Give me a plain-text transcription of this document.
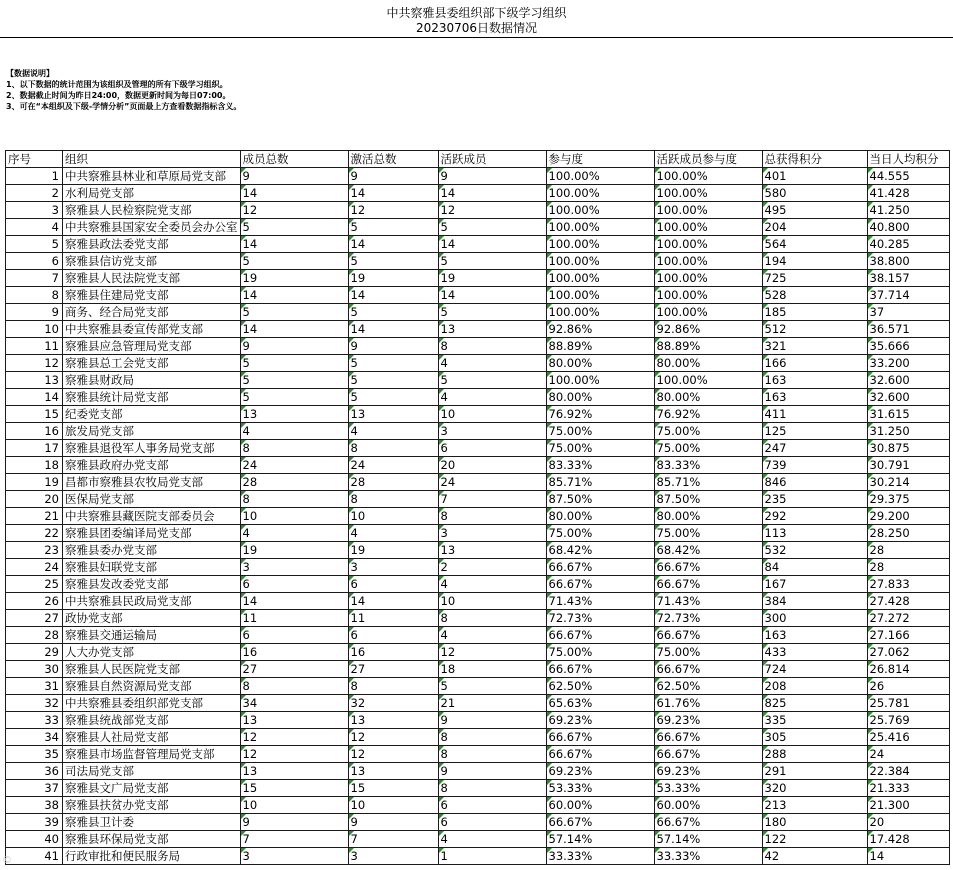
中共察雅县委组织部下级学习组织
20230706日数据情况
【数据说明】
1、以下数据的统计范围为该组织及管理的所有下级学习组织。
2、数据截止时间为昨日24:00，数据更新时间为每日07:00。
3、可在“本组织及下级-学情分析”页面最上方查看数据指标含义。
序号	组织	成员总数	激活总数	活跃成员	参与度	活跃成员参与度	总获得积分	当日人均积分
1	中共察雅县林业和草原局党支部	9	9	9	100.00%	100.00%	401	44.555
2	水利局党支部	14	14	14	100.00%	100.00%	580	41.428
3	察雅县人民检察院党支部	12	12	12	100.00%	100.00%	495	41.250
4	中共察雅县国家安全委员会办公室	5	5	5	100.00%	100.00%	204	40.800
5	察雅县政法委党支部	14	14	14	100.00%	100.00%	564	40.285
6	察雅县信访党支部	5	5	5	100.00%	100.00%	194	38.800
7	察雅县人民法院党支部	19	19	19	100.00%	100.00%	725	38.157
8	察雅县住建局党支部	14	14	14	100.00%	100.00%	528	37.714
9	商务、经合局党支部	5	5	5	100.00%	100.00%	185	37
10	中共察雅县委宣传部党支部	14	14	13	92.86%	92.86%	512	36.571
11	察雅县应急管理局党支部	9	9	8	88.89%	88.89%	321	35.666
12	察雅县总工会党支部	5	5	4	80.00%	80.00%	166	33.200
13	察雅县财政局	5	5	5	100.00%	100.00%	163	32.600
14	察雅县统计局党支部	5	5	4	80.00%	80.00%	163	32.600
15	纪委党支部	13	13	10	76.92%	76.92%	411	31.615
16	旅发局党支部	4	4	3	75.00%	75.00%	125	31.250
17	察雅县退役军人事务局党支部	8	8	6	75.00%	75.00%	247	30.875
18	察雅县政府办党支部	24	24	20	83.33%	83.33%	739	30.791
19	昌都市察雅县农牧局党支部	28	28	24	85.71%	85.71%	846	30.214
20	医保局党支部	8	8	7	87.50%	87.50%	235	29.375
21	中共察雅县藏医院支部委员会	10	10	8	80.00%	80.00%	292	29.200
22	察雅县团委编译局党支部	4	4	3	75.00%	75.00%	113	28.250
23	察雅县委办党支部	19	19	13	68.42%	68.42%	532	28
24	察雅县妇联党支部	3	3	2	66.67%	66.67%	84	28
25	察雅县发改委党支部	6	6	4	66.67%	66.67%	167	27.833
26	中共察雅县民政局党支部	14	14	10	71.43%	71.43%	384	27.428
27	政协党支部	11	11	8	72.73%	72.73%	300	27.272
28	察雅县交通运输局	6	6	4	66.67%	66.67%	163	27.166
29	人大办党支部	16	16	12	75.00%	75.00%	433	27.062
30	察雅县人民医院党支部	27	27	18	66.67%	66.67%	724	26.814
31	察雅县自然资源局党支部	8	8	5	62.50%	62.50%	208	26
32	中共察雅县委组织部党支部	34	32	21	65.63%	61.76%	825	25.781
33	察雅县统战部党支部	13	13	9	69.23%	69.23%	335	25.769
34	察雅县人社局党支部	12	12	8	66.67%	66.67%	305	25.416
35	察雅县市场监督管理局党支部	12	12	8	66.67%	66.67%	288	24
36	司法局党支部	13	13	9	69.23%	69.23%	291	22.384
37	察雅县文广局党支部	15	15	8	53.33%	53.33%	320	21.333
38	察雅县扶贫办党支部	10	10	6	60.00%	60.00%	213	21.300
39	察雅县卫计委	9	9	6	66.67%	66.67%	180	20
40	察雅县环保局党支部	7	7	4	57.14%	57.14%	122	17.428
41	行政审批和便民服务局	3	3	1	33.33%	33.33%	42	14
©
